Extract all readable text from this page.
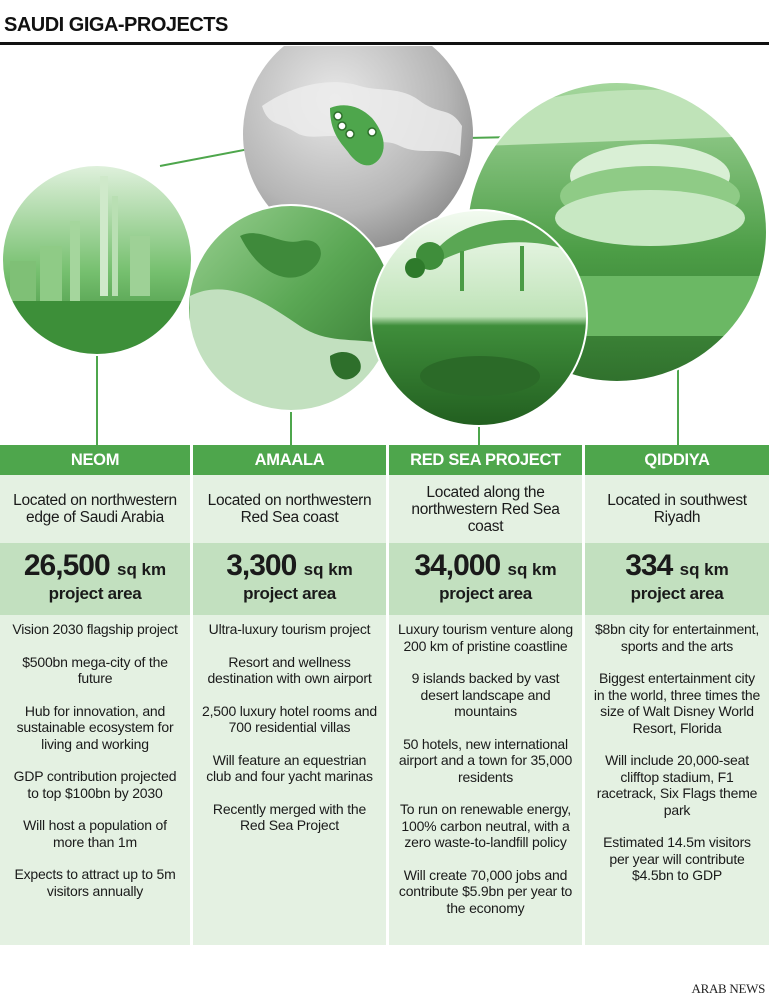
SAUDI GIGA-PROJECTS
NEOM
Located on northwestern edge of Saudi Arabia
26,500 sq km
project area
Vision 2030 flagship project
$500bn mega-city of the future
Hub for innovation, and sustainable ecosystem for living and working
GDP contribution projected to top $100bn by 2030
Will host a population of more than 1m
Expects to attract up to 5m visitors annually
AMAALA
Located on northwestern Red Sea coast
3,300 sq km
project area
Ultra-luxury tourism project
Resort and wellness destination with own airport
2,500 luxury hotel rooms and 700 residential villas
Will feature an equestrian club and four yacht marinas
Recently merged with the Red Sea Project
RED SEA PROJECT
Located along the northwestern Red Sea coast
34,000 sq km
project area
Luxury tourism venture along 200 km of pristine coastline
9 islands backed by vast desert landscape and mountains
50 hotels, new international airport and a town for 35,000 residents
To run on renewable energy, 100% carbon neutral, with a zero waste-to-landfill policy
Will create 70,000 jobs and contribute $5.9bn per year to the economy
QIDDIYA
Located in southwest Riyadh
334 sq km
project area
$8bn city for entertainment, sports and the arts
Biggest entertainment city in the world, three times the size of Walt Disney World Resort, Florida
Will include 20,000-seat clifftop stadium, F1 racetrack, Six Flags theme park
Estimated 14.5m visitors per year will contribute $4.5bn to GDP
ARAB NEWS
